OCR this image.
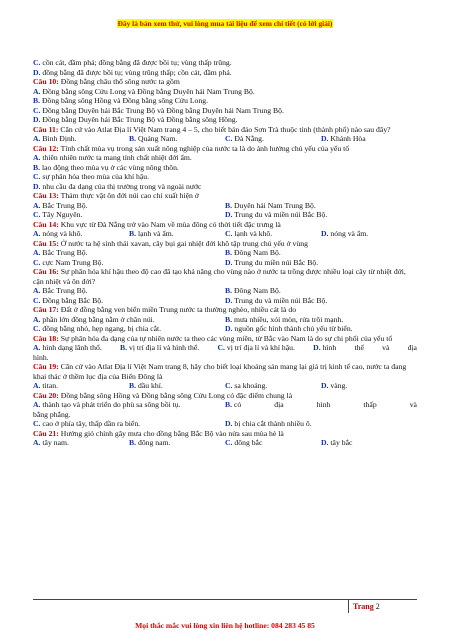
Đây là bản xem thử, vui lòng mua tài liệu để xem chi tiết (có lời giải)
C. cồn cát, đầm phá; đồng bằng đã được bồi tụ; vùng thấp trũng.
D. đồng bằng đã được bồi tụ; vùng trũng thấp; cồn cát, đầm phá.
Câu 10: Đồng bằng châu thổ sông nước ta gồm
A. Đồng bằng sông Cửu Long và Đồng bằng Duyên hải Nam Trung Bộ.
B. Đồng bằng sông Hồng và Đồng bằng sông Cửu Long.
C. Đồng bằng Duyên hải Bắc Trung Bộ và Đồng bằng Duyên hải Nam Trung Bộ.
D. Đồng bằng Duyên hải Bắc Trung Bộ và Đồng bằng sông Hồng.
Câu 11: Căn cứ vào Atlat Địa lí Việt Nam trang 4 – 5, cho biết bán đảo Sơn Trà thuộc tỉnh (thành phố) nào sau đây?
A. Bình Định.	B. Quảng Nam.	C. Đà Nẵng.	D. Khánh Hòa
Câu 12: Tính chất mùa vụ trong sản xuất nông nghiệp của nước ta là do ảnh hưởng chủ yếu của yếu tố
A. thiên nhiên nước ta mang tính chất nhiệt đới ẩm.
B. lao động theo mùa vụ ở các vùng nông thôn.
C. sự phân hóa theo mùa của khí hậu.
D. nhu cầu đa dạng của thị trường trong và ngoài nước
Câu 13: Thảm thực vật ôn đới núi cao chỉ xuất hiện ở
A. Bắc Trung Bộ.	B. Duyên hải Nam Trung Bộ.
C. Tây Nguyên.	D. Trung du và miền núi Bắc Bộ.
Câu 14: Khu vực từ Đà Nẵng trở vào Nam về mùa đông có thời tiết đặc trưng là
A. nóng và khô.	B. lạnh và ẩm.	C. lạnh và khô.	D. nóng và ẩm.
Câu 15: Ở nước ta hệ sinh thái xavan, cây bụi gai nhiệt đới khô tập trung chủ yếu ở vùng
A. Bắc Trung Bộ.	B. Đông Nam Bộ.
C. cực Nam Trung Bộ.	D. Trung du miền núi Bắc Bộ.
Câu 16: Sự phân hóa khí hậu theo độ cao đã tạo khả năng cho vùng nào ở nước ta trồng được nhiều loại cây từ nhiệt đới, cận nhiệt và ôn đới?
A. Bắc Trung Bộ.	B. Đông Nam Bộ.
C. Đồng bằng Bắc Bộ.	D. Trung du và miền núi Bắc Bộ.
Câu 17: Đất ở đồng bằng ven biển miền Trung nước ta thường nghèo, nhiều cát là do
A. phần lớn đồng bằng nằm ở chân núi.	B. mưa nhiều, xói mòn, rửa trôi mạnh.
C. đồng bằng nhỏ, hẹp ngang, bị chia cắt.	D. nguồn gốc hình thành chủ yếu từ biển.
Câu 18: Sự phân hóa đa dạng của tự nhiên nước ta theo các vùng miền, từ Bắc vào Nam là do sự chi phối của yếu tố
A. hình dạng lãnh thổ. B. vị trí địa lí và hình thể. C. vị trí địa lí và khí hậu. D. hình thể và địa
hình.
Câu 19: Căn cứ vào Atlat Địa lí Việt Nam trang 8, hãy cho biết loại khoáng sản mang lại giá trị kinh tế cao, nước ta đang khai thác ở thềm lục địa của Biển Đông là
A. titan.	B. dầu khí.	C. sa khoáng.	D. vàng.
Câu 20: Đồng bằng sông Hồng và Đồng bằng sông Cửu Long có đặc điểm chung là
A. thành tạo và phát triển do phù sa sông bồi tụ.	B. có	địa	hình	thấp	và
bằng phẳng.
C. cao ở phía tây, thấp dần ra biển.	D. bị chia cắt thành nhiều ô.
Câu 21: Hướng gió chính gây mưa cho đồng bằng Bắc Bộ vào nửa sau mùa hè là
A. tây nam.	B. đông nam.	C. đông bắc	D. tây bắc
Trang 2
Mọi thắc mắc vui lòng xin liên hệ hotline: 084 283 45 85
